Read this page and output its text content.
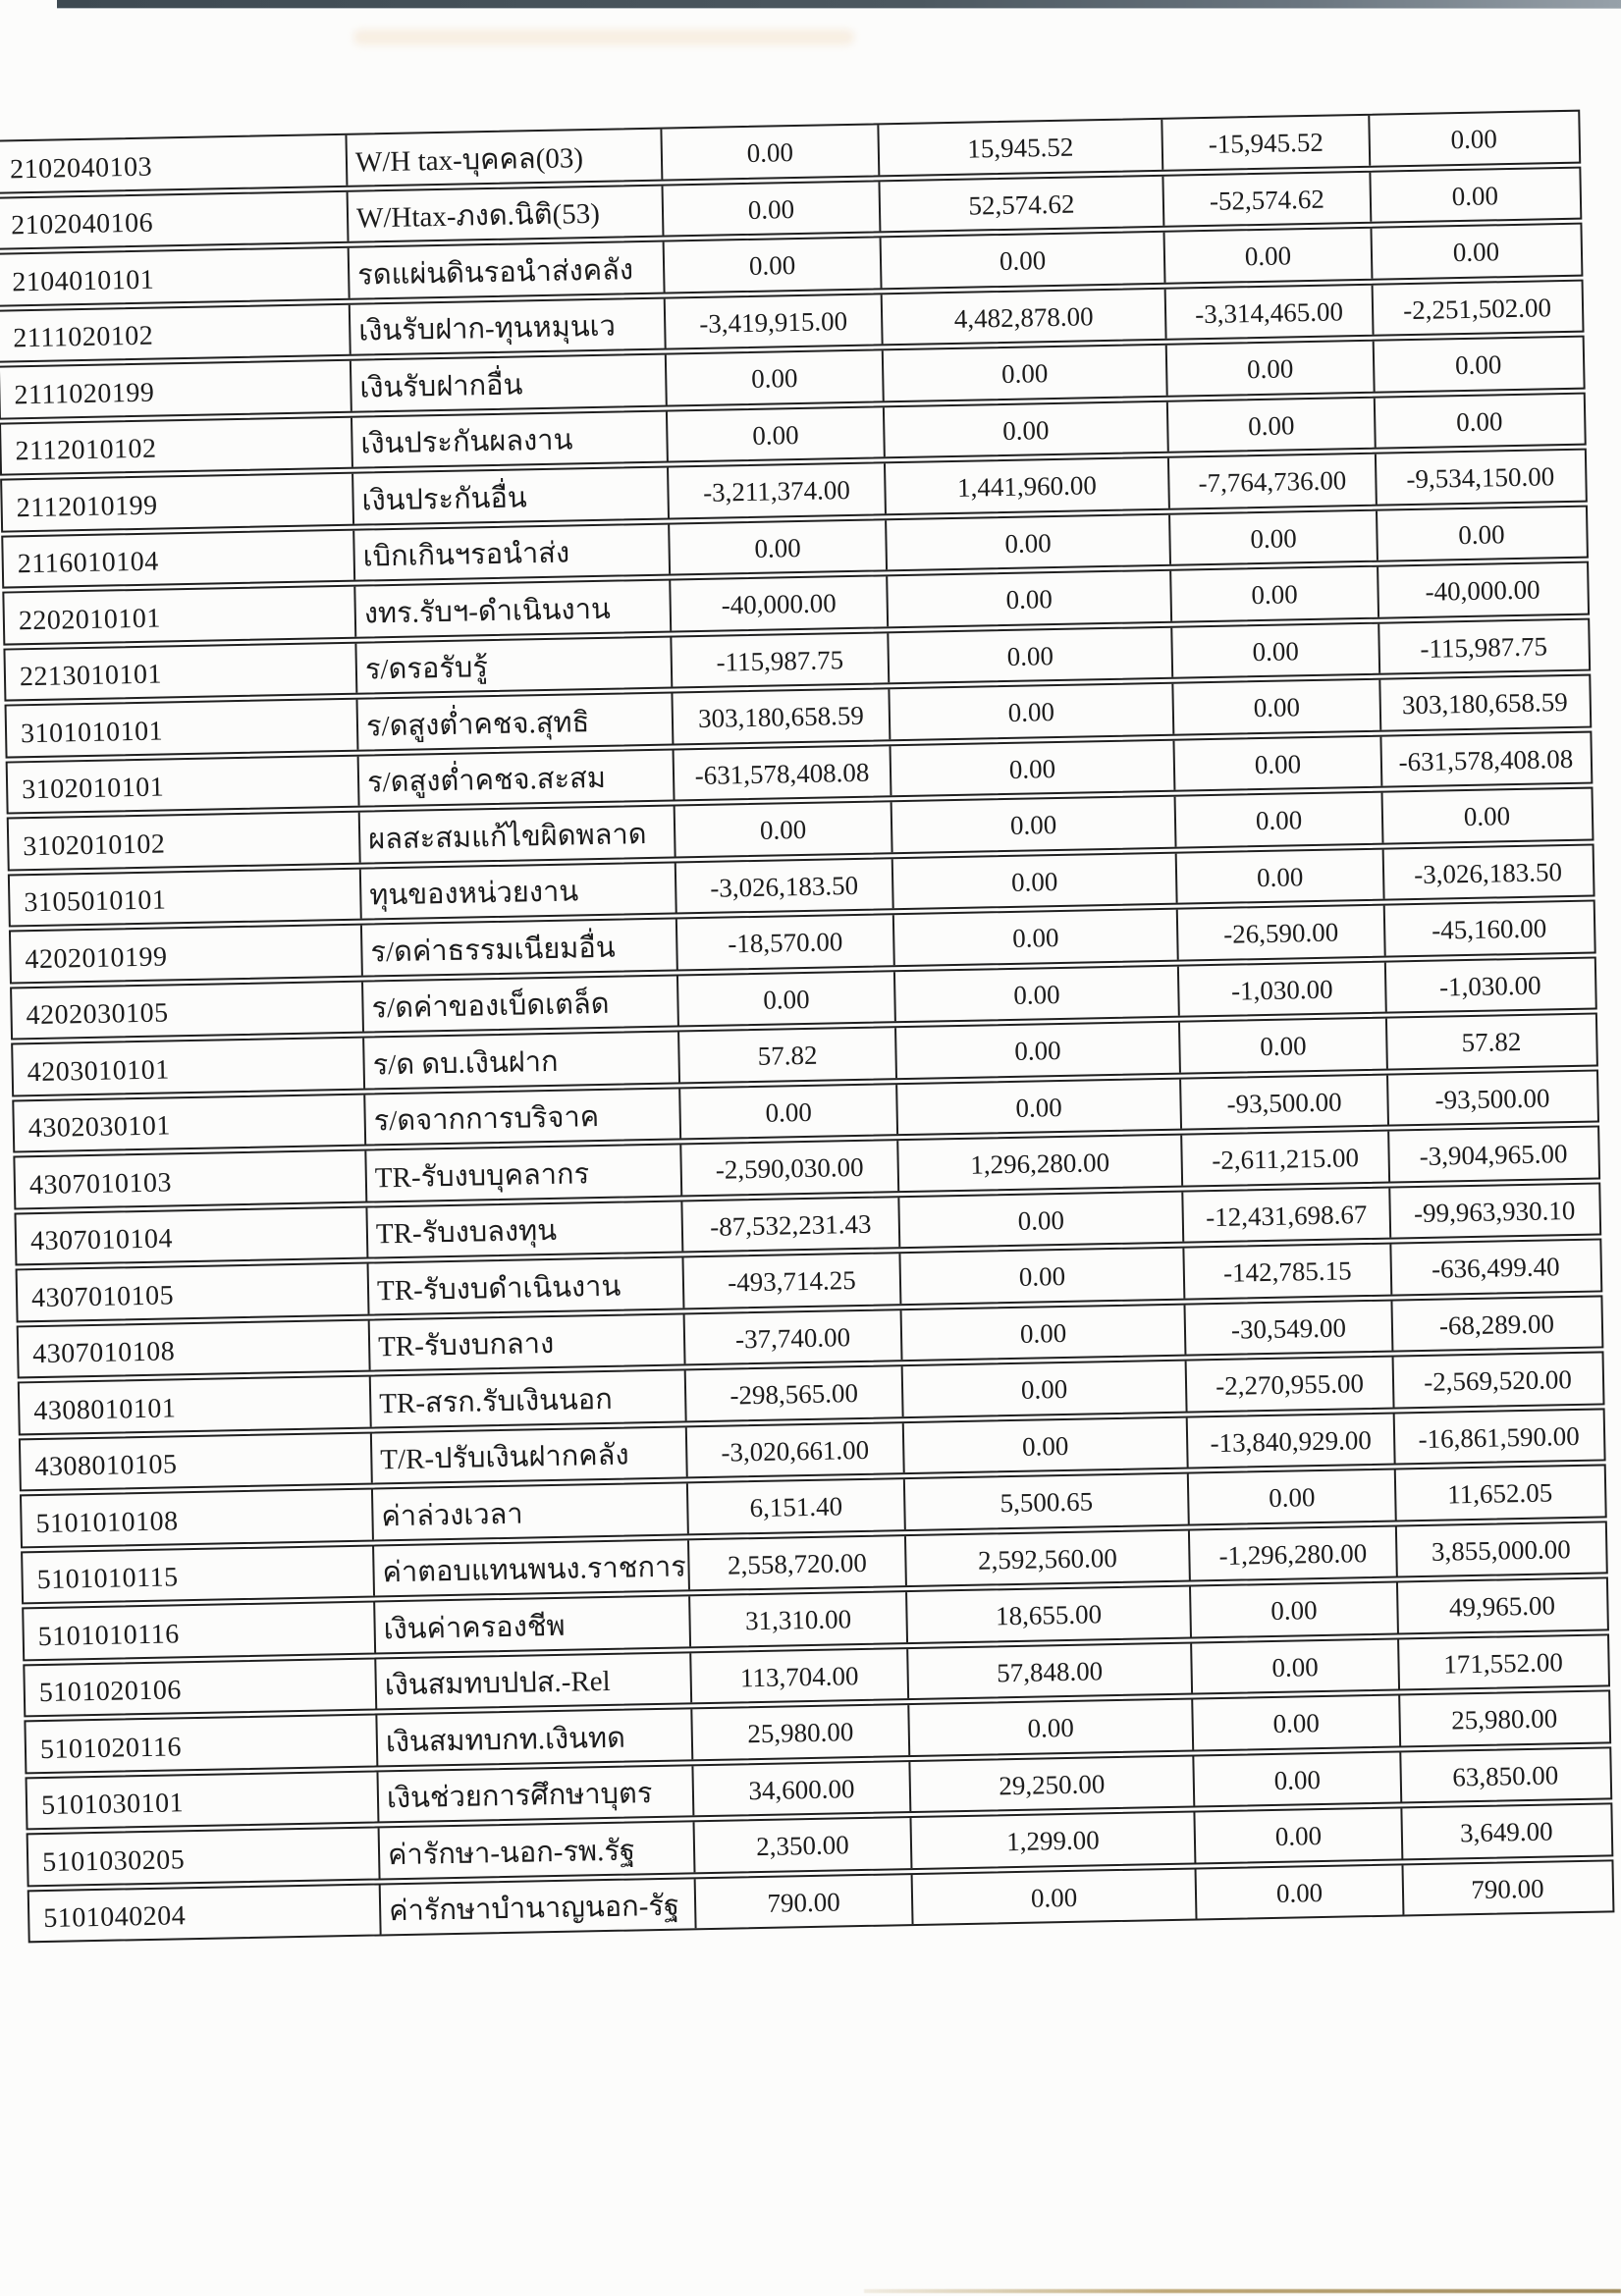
2102040103	W/H tax-บุคคล(03)	0.00	15,945.52	-15,945.52	0.00
2102040106	W/Htax-ภงด.นิติ(53)	0.00	52,574.62	-52,574.62	0.00
2104010101	รดแผ่นดินรอนำส่งคลัง	0.00	0.00	0.00	0.00
2111020102	เงินรับฝาก-ทุนหมุนเว	-3,419,915.00	4,482,878.00	-3,314,465.00	-2,251,502.00
2111020199	เงินรับฝากอื่น	0.00	0.00	0.00	0.00
2112010102	เงินประกันผลงาน	0.00	0.00	0.00	0.00
2112010199	เงินประกันอื่น	-3,211,374.00	1,441,960.00	-7,764,736.00	-9,534,150.00
2116010104	เบิกเกินฯรอนำส่ง	0.00	0.00	0.00	0.00
2202010101	งทร.รับฯ-ดำเนินงาน	-40,000.00	0.00	0.00	-40,000.00
2213010101	ร/ดรอรับรู้	-115,987.75	0.00	0.00	-115,987.75
3101010101	ร/ดสูงต่ำคชจ.สุทธิ	303,180,658.59	0.00	0.00	303,180,658.59
3102010101	ร/ดสูงต่ำคชจ.สะสม	-631,578,408.08	0.00	0.00	-631,578,408.08
3102010102	ผลสะสมแก้ไขผิดพลาด	0.00	0.00	0.00	0.00
3105010101	ทุนของหน่วยงาน	-3,026,183.50	0.00	0.00	-3,026,183.50
4202010199	ร/ดค่าธรรมเนียมอื่น	-18,570.00	0.00	-26,590.00	-45,160.00
4202030105	ร/ดค่าของเบ็ดเตล็ด	0.00	0.00	-1,030.00	-1,030.00
4203010101	ร/ด ดบ.เงินฝาก	57.82	0.00	0.00	57.82
4302030101	ร/ดจากการบริจาค	0.00	0.00	-93,500.00	-93,500.00
4307010103	TR-รับงบบุคลากร	-2,590,030.00	1,296,280.00	-2,611,215.00	-3,904,965.00
4307010104	TR-รับงบลงทุน	-87,532,231.43	0.00	-12,431,698.67	-99,963,930.10
4307010105	TR-รับงบดำเนินงาน	-493,714.25	0.00	-142,785.15	-636,499.40
4307010108	TR-รับงบกลาง	-37,740.00	0.00	-30,549.00	-68,289.00
4308010101	TR-สรก.รับเงินนอก	-298,565.00	0.00	-2,270,955.00	-2,569,520.00
4308010105	T/R-ปรับเงินฝากคลัง	-3,020,661.00	0.00	-13,840,929.00	-16,861,590.00
5101010108	ค่าล่วงเวลา	6,151.40	5,500.65	0.00	11,652.05
5101010115	ค่าตอบแทนพนง.ราชการ	2,558,720.00	2,592,560.00	-1,296,280.00	3,855,000.00
5101010116	เงินค่าครองชีพ	31,310.00	18,655.00	0.00	49,965.00
5101020106	เงินสมทบปปส.-Rel	113,704.00	57,848.00	0.00	171,552.00
5101020116	เงินสมทบกท.เงินทด	25,980.00	0.00	0.00	25,980.00
5101030101	เงินช่วยการศึกษาบุตร	34,600.00	29,250.00	0.00	63,850.00
5101030205	ค่ารักษา-นอก-รพ.รัฐ	2,350.00	1,299.00	0.00	3,649.00
5101040204	ค่ารักษาบำนาญนอก-รัฐ	790.00	0.00	0.00	790.00
